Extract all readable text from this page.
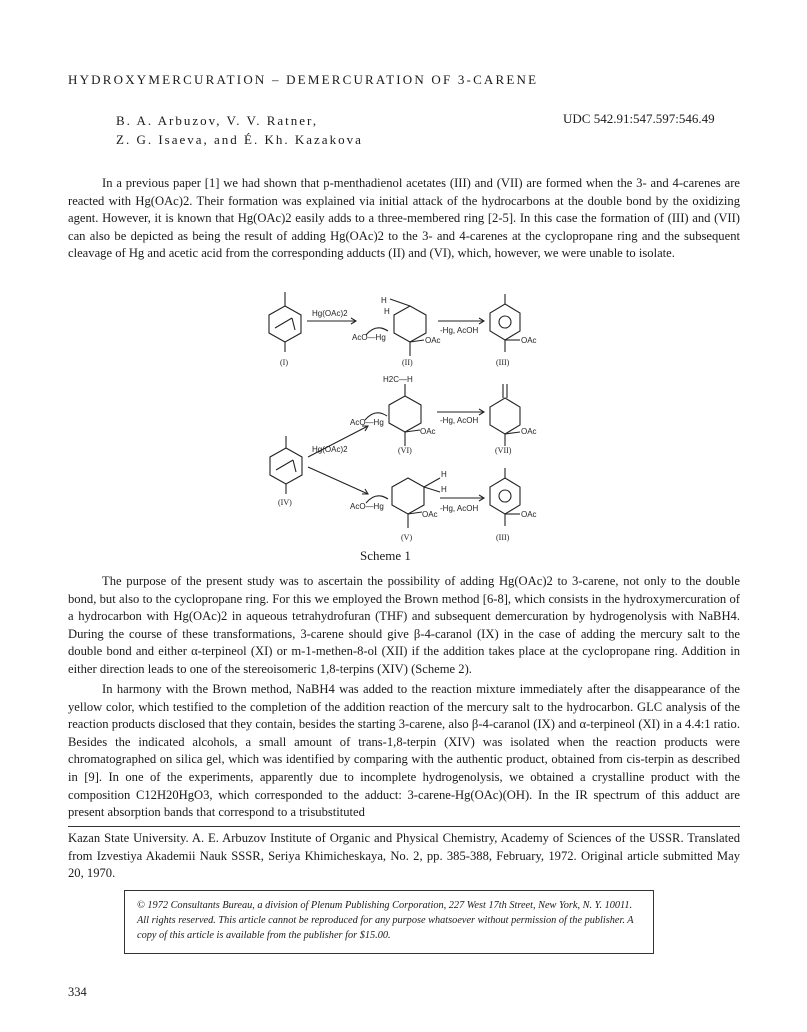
HYDROXYMERCURATION – DEMERCURATION OF 3-CARENE
B. A. Arbuzov, V. V. Ratner,
Z. G. Isaeva, and É. Kh. Kazakova
UDC 542.91:547.597:546.49
In a previous paper [1] we had shown that p-menthadienol acetates (III) and (VII) are formed when the 3- and 4-carenes are reacted with Hg(OAc)2. Their formation was explained via initial attack of the hydrocarbons at the double bond by the oxidizing agent. However, it is known that Hg(OAc)2 easily adds to a three-membered ring [2-5]. In this case the formation of (III) and (VII) can also be depicted as being the result of adding Hg(OAc)2 to the 3- and 4-carenes at the cyclopropane ring and the subsequent cleavage of Hg and acetic acid from the corresponding adducts (II) and (VI), which, however, we were unable to isolate.
Hg(OAc)2
H
H
AcO—Hg	OAc
-Hg, AcOH
OAc
(I)	(II)	(III)
H2C—H
AcO—Hg
OAc
-Hg, AcOH
OAc
(VI)	(VII)
Hg(OAc)2
(IV)
H
H
AcO—Hg
OAc
-Hg, AcOH
OAc
(V)	(III)
Scheme 1
The purpose of the present study was to ascertain the possibility of adding Hg(OAc)2 to 3-carene, not only to the double bond, but also to the cyclopropane ring. For this we employed the Brown method [6-8], which consists in the hydroxymercuration of a hydrocarbon with Hg(OAc)2 in aqueous tetrahydrofuran (THF) and subsequent demercuration by hydrogenolysis with NaBH4. During the course of these transformations, 3-carene should give β-4-caranol (IX) in the case of adding the mercury salt to the double bond and either α-terpineol (XI) or m-1-methen-8-ol (XII) if the addition takes place at the cyclopropane ring. Addition in either direction leads to one of the stereoisomeric 1,8-terpins (XIV) (Scheme 2).
In harmony with the Brown method, NaBH4 was added to the reaction mixture immediately after the disappearance of the yellow color, which testified to the completion of the addition reaction of the mercury salt to the hydrocarbon. GLC analysis of the reaction products disclosed that they contain, besides the starting 3-carene, also β-4-caranol (IX) and α-terpineol (XI) in a 4.4:1 ratio. Besides the indicated alcohols, a small amount of trans-1,8-terpin (XIV) was isolated when the reaction products were chromatographed on silica gel, which was identified by comparing with the authentic product, obtained from cis-terpin as described in [9]. In one of the experiments, apparently due to incomplete hydrogenolysis, we obtained a crystalline product with the composition C12H20HgO3, which corresponded to the adduct: 3-carene-Hg(OAc)(OH). In the IR spectrum of this adduct are present absorption bands that correspond to a trisubstituted
Kazan State University. A. E. Arbuzov Institute of Organic and Physical Chemistry, Academy of Sciences of the USSR. Translated from Izvestiya Akademii Nauk SSSR, Seriya Khimicheskaya, No. 2, pp. 385-388, February, 1972. Original article submitted May 20, 1970.
© 1972 Consultants Bureau, a division of Plenum Publishing Corporation, 227 West 17th Street, New York, N. Y. 10011. All rights reserved. This article cannot be reproduced for any purpose whatsoever without permission of the publisher. A copy of this article is available from the publisher for $15.00.
334
